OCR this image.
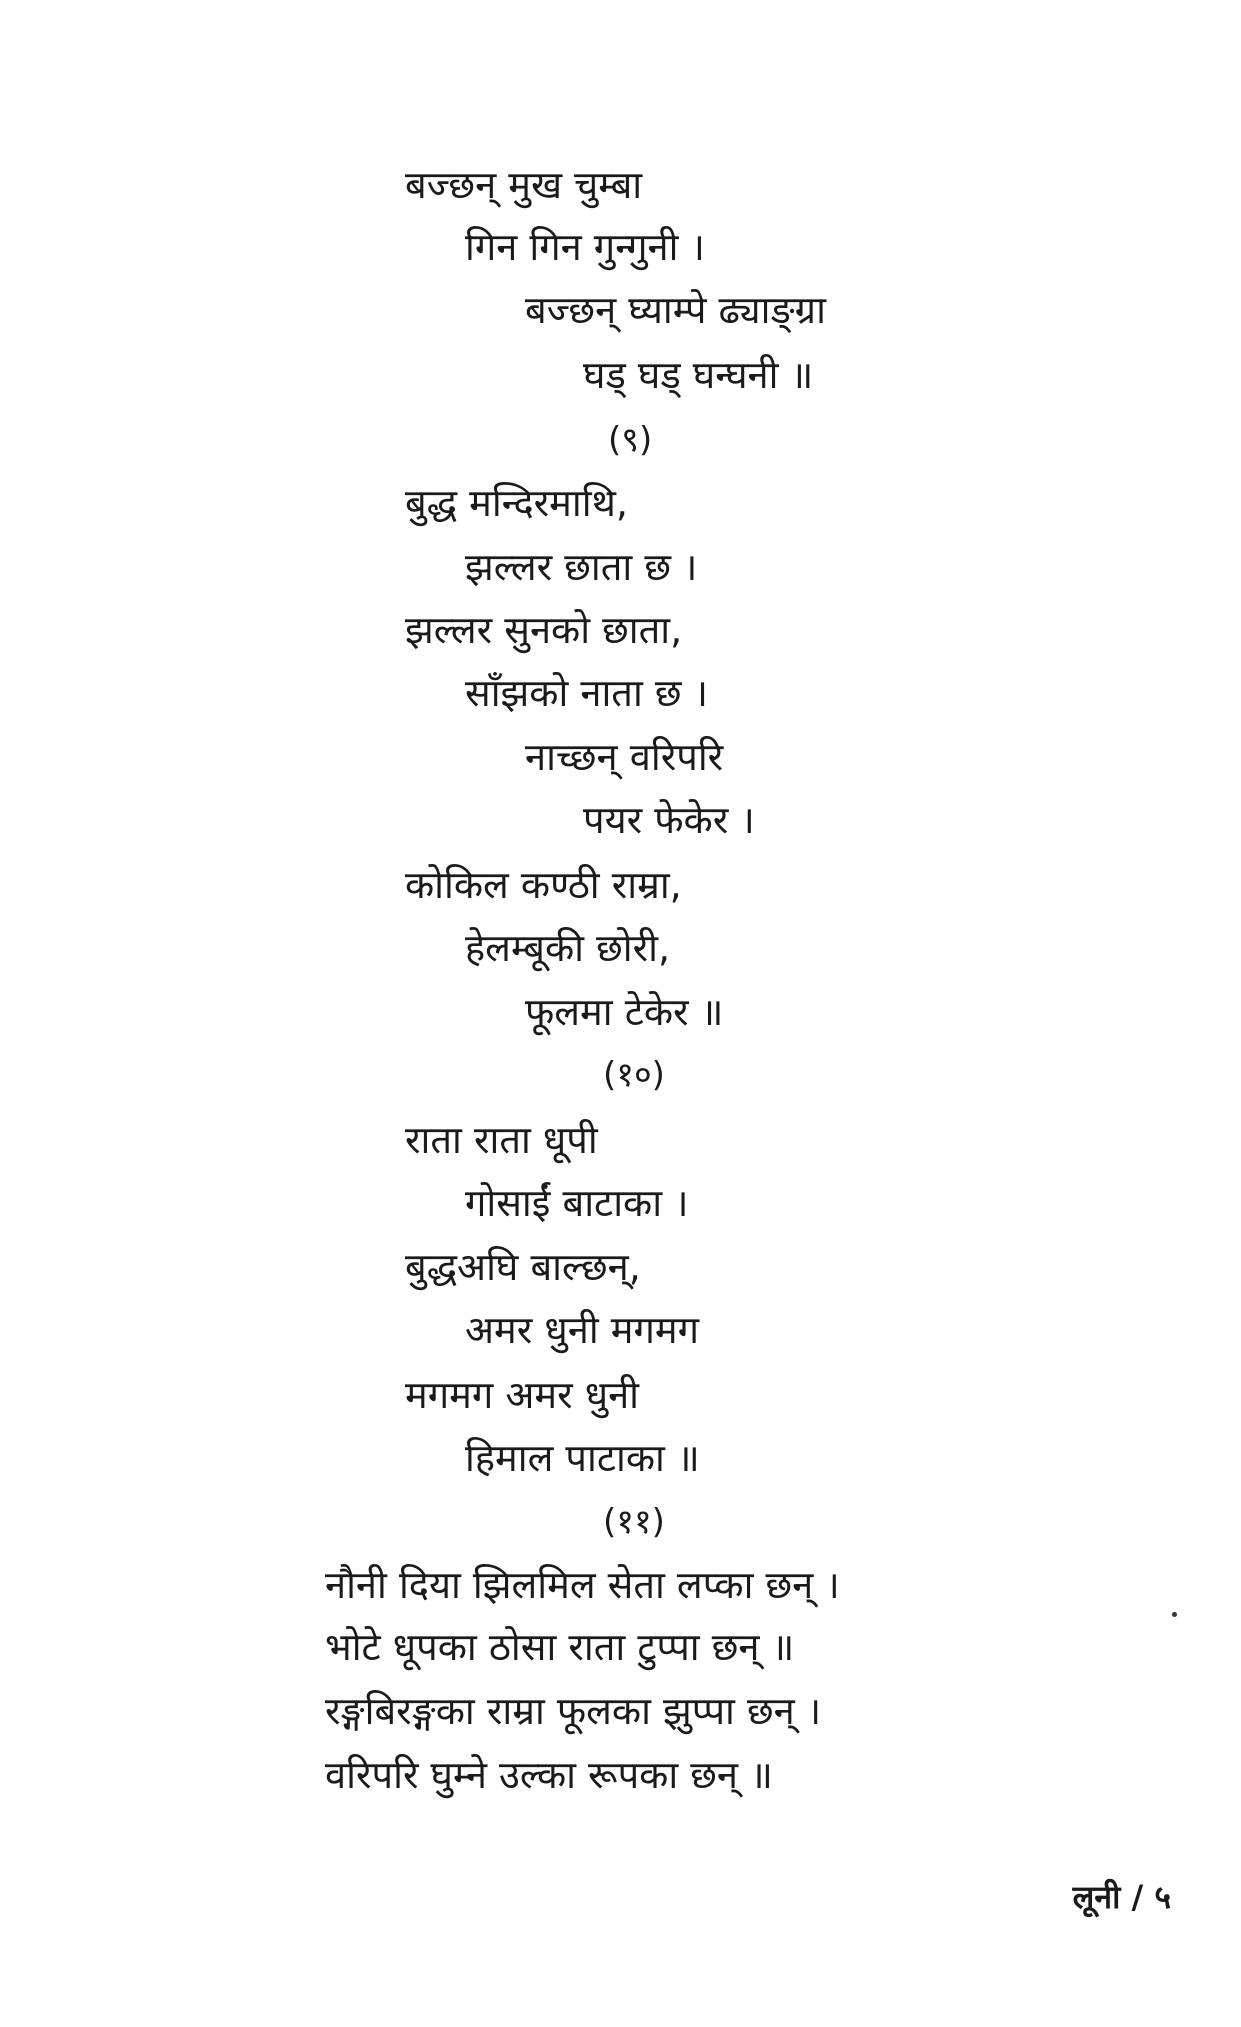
बज्छन् मुख चुम्बा
गिन गिन गुन्गुनी ।
बज्छन् घ्याम्पे ढ्याङ्ग्रा
घड् घड् घन्घनी ॥
(९)
बुद्ध मन्दिरमाथि,
झल्लर छाता छ ।
झल्लर सुनको छाता,
साँझको नाता छ ।
नाच्छन् वरिपरि
पयर फेकेर ।
कोकिल कण्ठी राम्रा,
हेलम्बूकी छोरी,
फूलमा टेकेर ॥
(१०)
राता राता धूपी
गोसाईं बाटाका ।
बुद्धअघि बाल्छन्,
अमर धुनी मगमग
मगमग अमर धुनी
हिमाल पाटाका ॥
(११)
नौनी दिया झिलमिल सेता लप्का छन् ।
भोटे धूपका ठोसा राता टुप्पा छन् ॥
रङ्गबिरङ्गका राम्रा फूलका झुप्पा छन् ।
वरिपरि घुम्ने उल्का रूपका छन् ॥
लूनी / ५
